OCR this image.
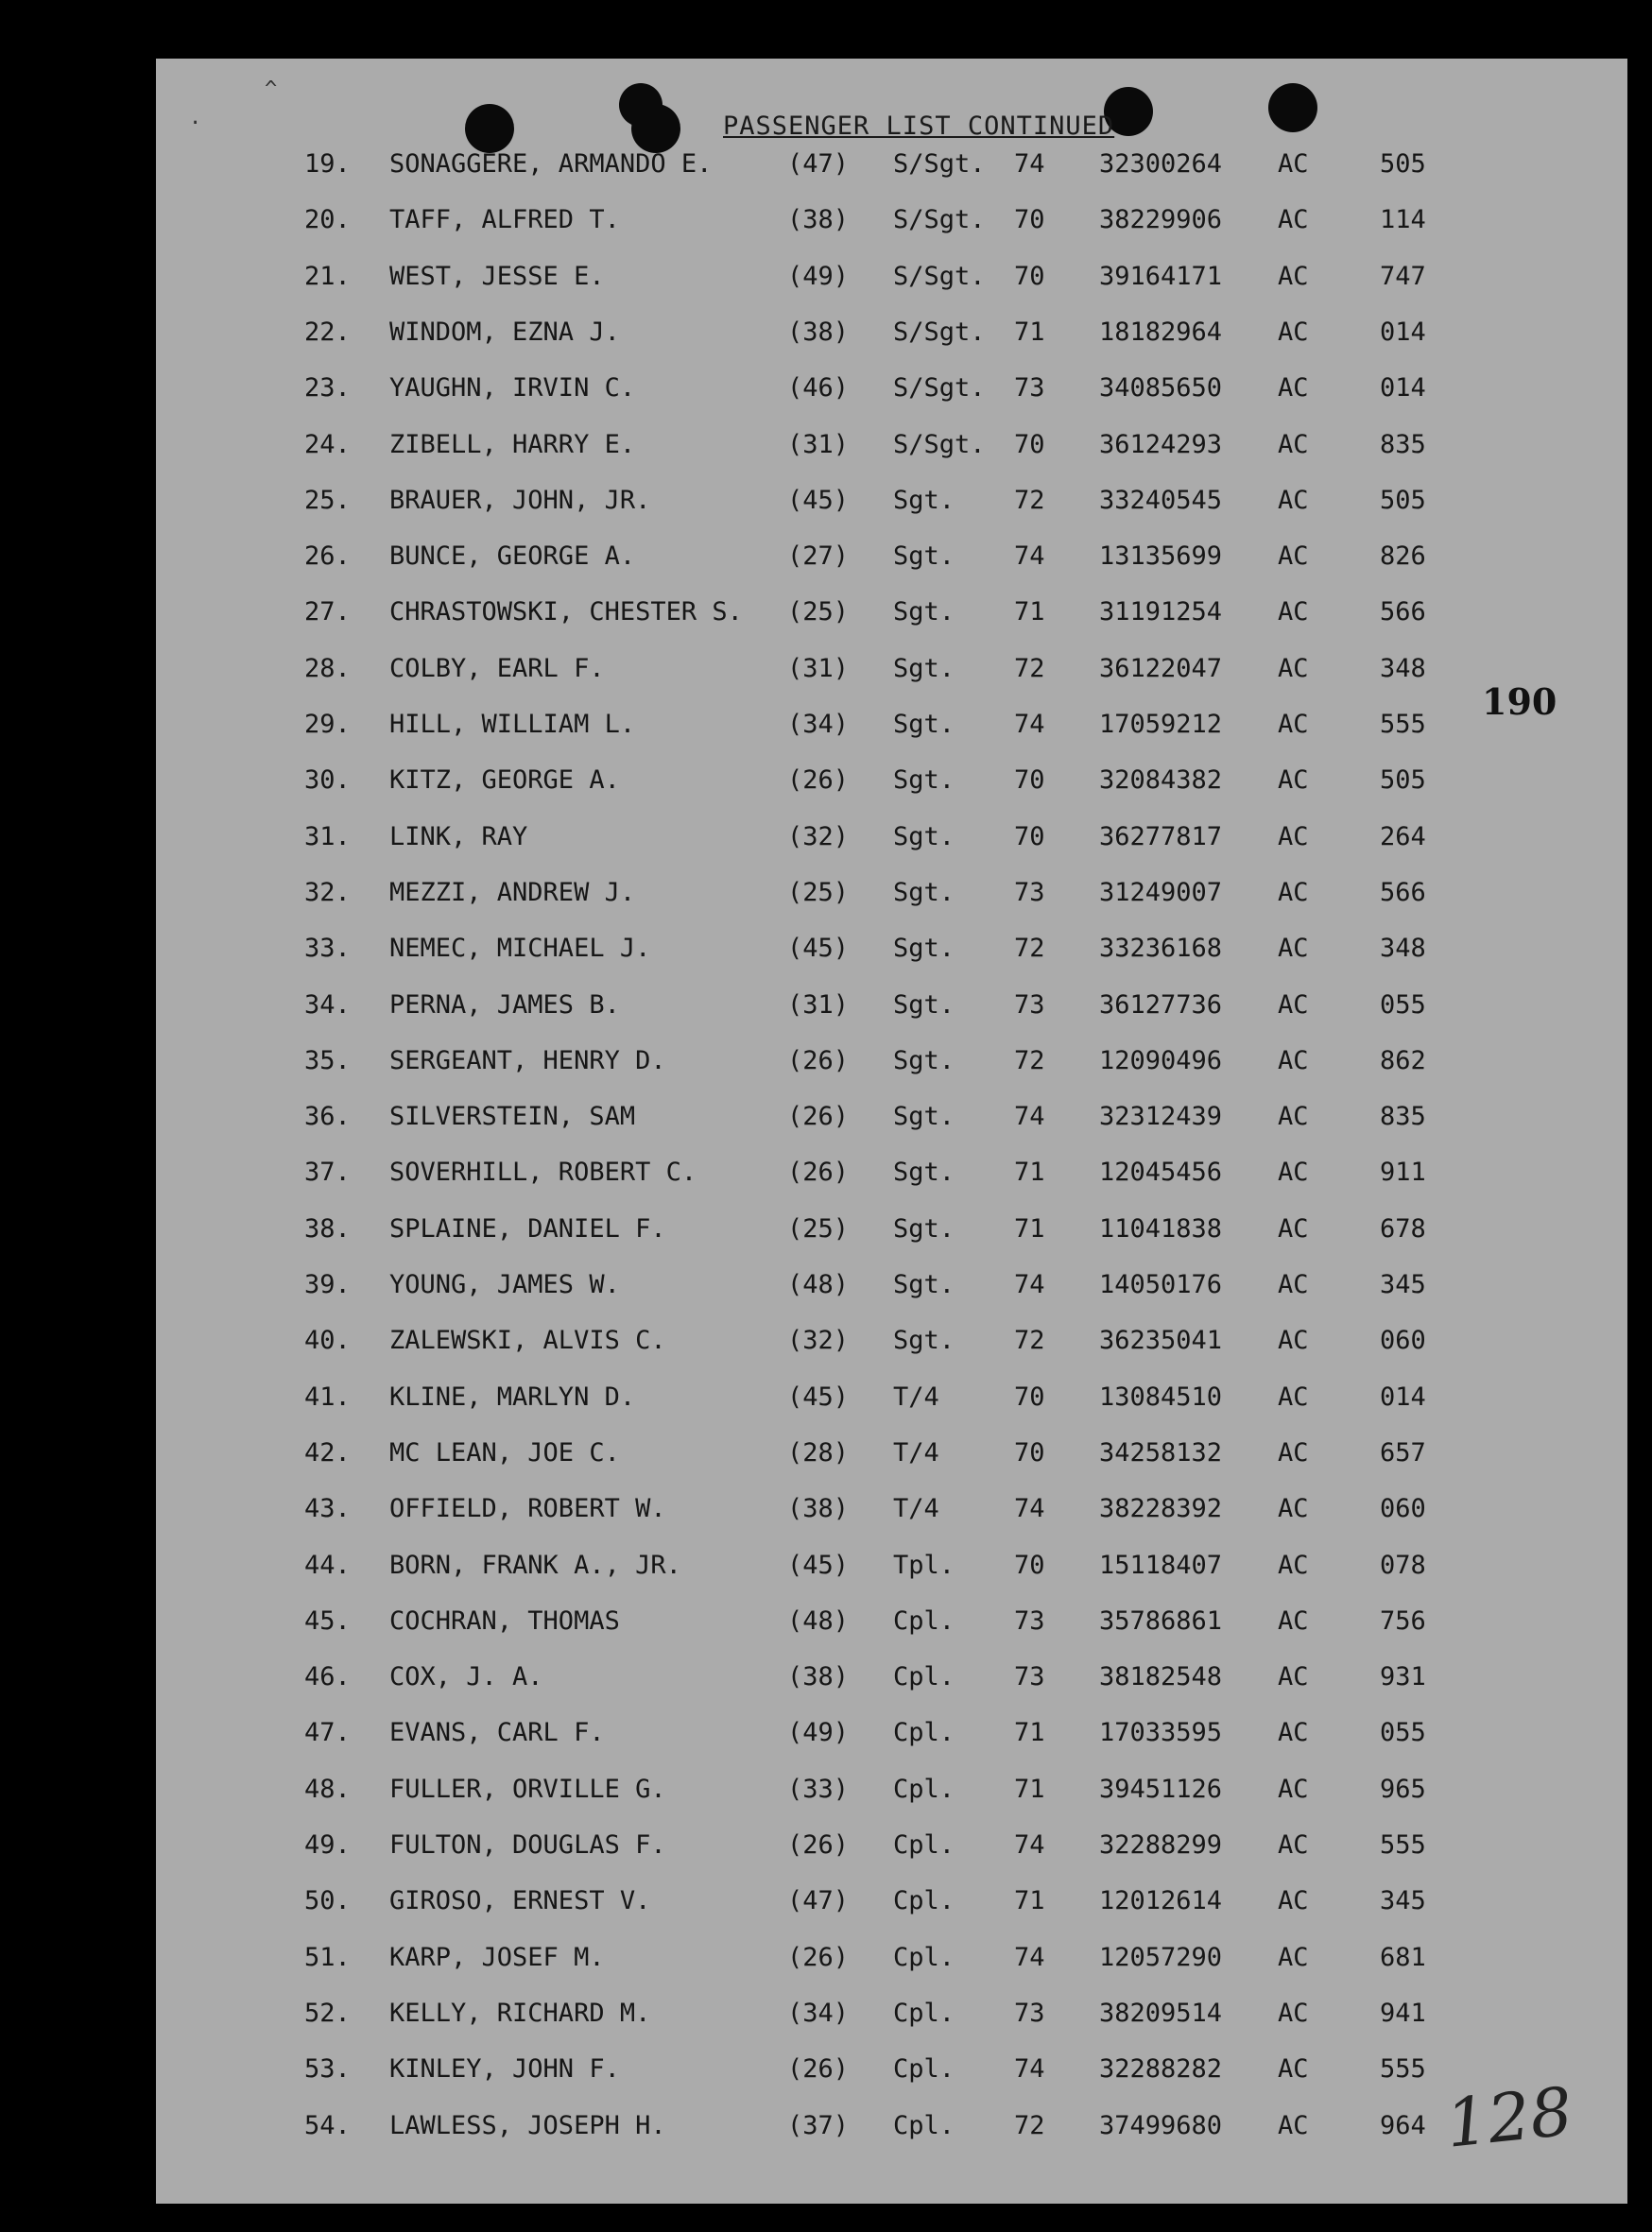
·
^
PASSENGER LIST CONTINUED
190
128
19. SONAGGERE, ARMANDO E.	(47) S/Sgt. 74 32300264 AC	505
20. TAFF, ALFRED T.	(38) S/Sgt. 70 38229906 AC	114
21. WEST, JESSE E.	(49) S/Sgt. 70 39164171 AC	747
22. WINDOM, EZNA J.	(38) S/Sgt. 71 18182964 AC	014
23. YAUGHN, IRVIN C.	(46) S/Sgt. 73 34085650 AC	014
24. ZIBELL, HARRY E.	(31) S/Sgt. 70 36124293 AC	835
25. BRAUER, JOHN, JR.	(45) Sgt. 72 33240545 AC	505
26. BUNCE, GEORGE A.	(27) Sgt. 74 13135699 AC	826
27. CHRASTOWSKI, CHESTER S. (25) Sgt. 71 31191254 AC	566
28. COLBY, EARL F.	(31) Sgt. 72 36122047 AC	348
29. HILL, WILLIAM L.	(34) Sgt. 74 17059212 AC	555
30. KITZ, GEORGE A.	(26) Sgt. 70 32084382 AC	505
31. LINK, RAY	(32) Sgt. 70 36277817 AC	264
32. MEZZI, ANDREW J.	(25) Sgt. 73 31249007 AC	566
33. NEMEC, MICHAEL J.	(45) Sgt. 72 33236168 AC	348
34. PERNA, JAMES B.	(31) Sgt. 73 36127736 AC	055
35. SERGEANT, HENRY D.	(26) Sgt. 72 12090496 AC	862
36. SILVERSTEIN, SAM	(26) Sgt. 74 32312439 AC	835
37. SOVERHILL, ROBERT C.	(26) Sgt. 71 12045456 AC	911
38. SPLAINE, DANIEL F.	(25) Sgt. 71 11041838 AC	678
39. YOUNG, JAMES W.	(48) Sgt. 74 14050176 AC	345
40. ZALEWSKI, ALVIS C.	(32) Sgt. 72 36235041 AC	060
41. KLINE, MARLYN D.	(45) T/4	70 13084510 AC	014
42. MC LEAN, JOE C.	(28) T/4	70 34258132 AC	657
43. OFFIELD, ROBERT W.	(38) T/4	74 38228392 AC	060
44. BORN, FRANK A., JR.	(45) Tpl. 70 15118407 AC	078
45. COCHRAN, THOMAS	(48) Cpl. 73 35786861 AC	756
46. COX, J. A.	(38) Cpl. 73 38182548 AC	931
47. EVANS, CARL F.	(49) Cpl. 71 17033595 AC	055
48. FULLER, ORVILLE G.	(33) Cpl. 71 39451126 AC	965
49. FULTON, DOUGLAS F.	(26) Cpl. 74 32288299 AC	555
50. GIROSO, ERNEST V.	(47) Cpl. 71 12012614 AC	345
51. KARP, JOSEF M.	(26) Cpl. 74 12057290 AC	681
52. KELLY, RICHARD M.	(34) Cpl. 73 38209514 AC	941
53. KINLEY, JOHN F.	(26) Cpl. 74 32288282 AC	555
54. LAWLESS, JOSEPH H.	(37) Cpl. 72 37499680 AC	964
